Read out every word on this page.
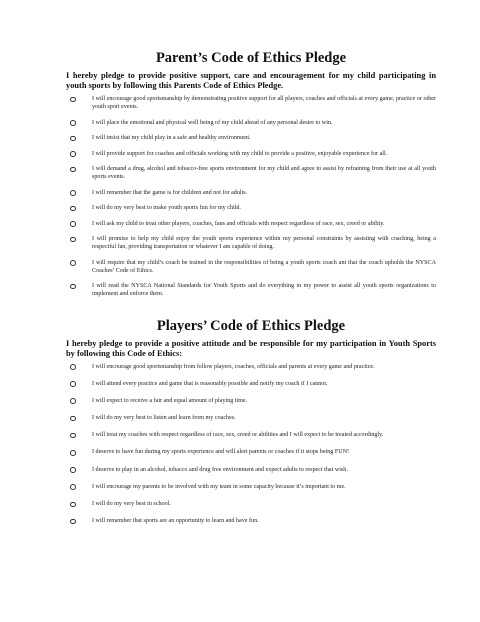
Parent’s Code of Ethics Pledge

I hereby pledge to provide positive support, care and encouragement for my child participating in youth sports by following this Parents Code of Ethics Pledge.

I will encourage good sportsmanship by demonstrating positive support for all players, coaches and officials at every game, practice or other youth sport events.
I will place the emotional and physical well being of my child ahead of any personal desire to win.
I will insist that my child play in a safe and healthy environment.
I will provide support for coaches and officials working with my child to provide a positive, enjoyable experience for all.
I will demand a drug, alcohol and tobacco-free sports environment for my child and agree to assist by refraining from their use at all youth sports events.
I will remember that the game is for children and not for adults.
I will do my very best to make youth sports fun for my child.
I will ask my child to treat other players, coaches, fans and officials with respect regardless of race, sex, creed or ability.
I will promise to help my child enjoy the youth sports experience within my personal constraints by assisting with coaching, being a respectful fan, providing transportation or whatever I am capable of doing.
I will require that my child’s coach be trained in the responsibilities of being a youth sports coach ant that the coach upholds the NYSCA Coaches’ Code of Ethics.
I will read the NYSCA National Standards for Youth Sports and do everything in my power to assist all youth sports organizations to implement and enforce them.
Players’ Code of Ethics Pledge

I hereby pledge to provide a positive attitude and be responsible for my participation in Youth Sports by following this Code of Ethics:

I will encourage good sportsmanship from fellow players, coaches, officials and parents at every game and practice.
I will attend every practice and game that is reasonably possible and notify my coach if I cannot.
I will expect to receive a fair and equal amount of playing time.
I will do my very best to listen and learn from my coaches.
I will treat my coaches with respect regardless of race, sex, creed or abilities and I will expect to be treated accordingly.
I deserve to have fun during my sports experience and will alert parents or coaches if it stops being FUN!
I deserve to play in an alcohol, tobacco and drug free environment and expect adults to respect that wish.
I will encourage my parents to be involved with my team in some capacity because it’s important to me.
I will do my very best in school.
I will remember that sports are an opportunity to learn and have fun.
